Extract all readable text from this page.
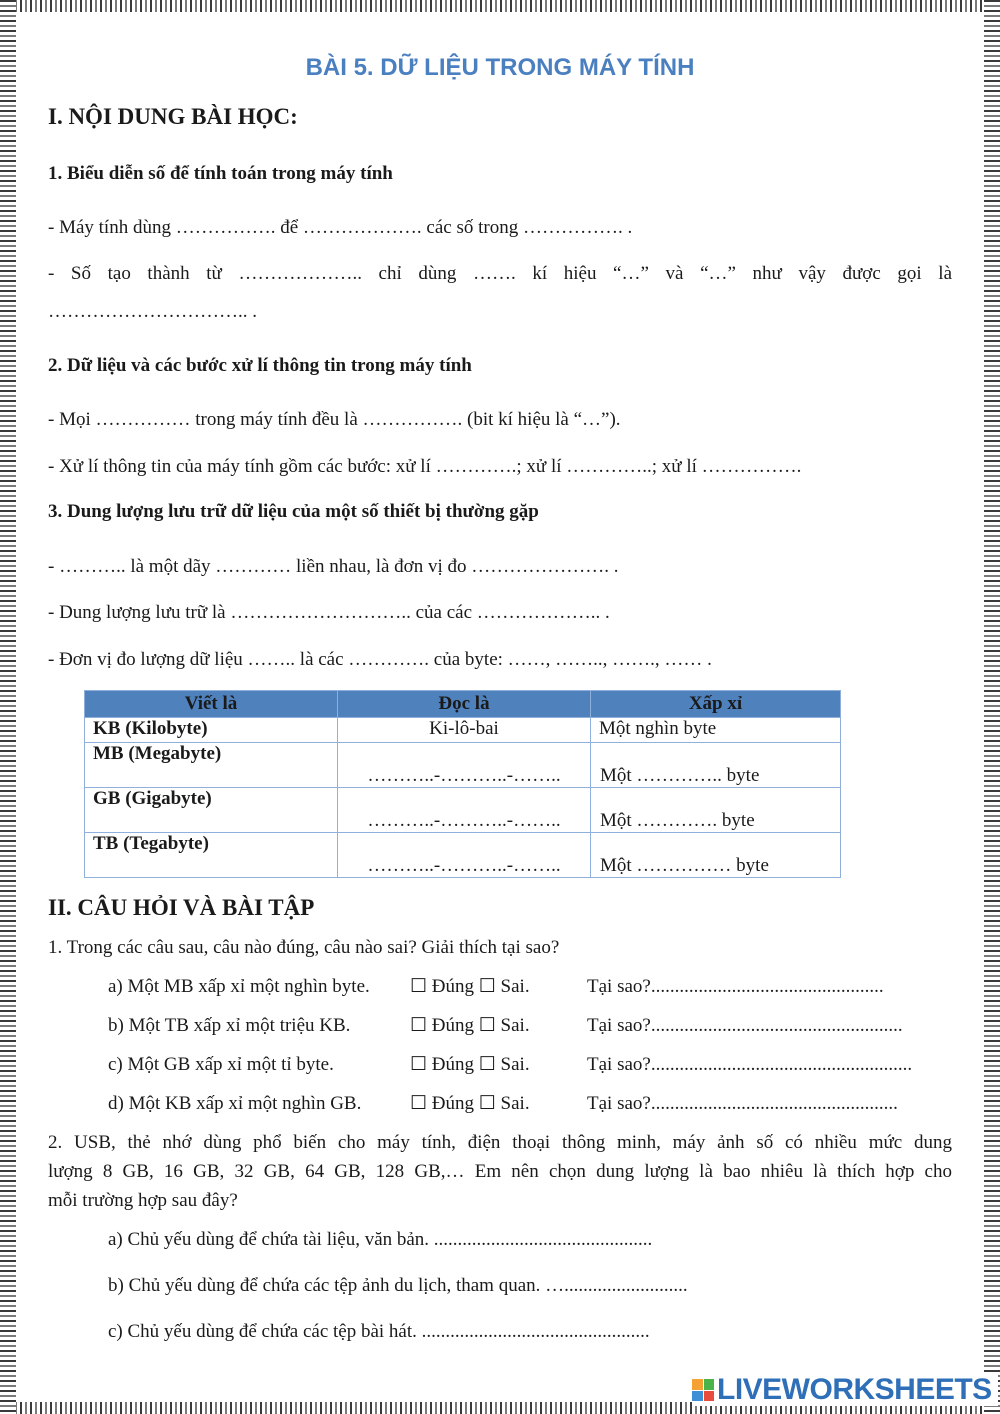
BÀI 5. DỮ LIỆU TRONG MÁY TÍNH
I. NỘI DUNG BÀI HỌC:
1. Biểu diễn số để tính toán trong máy tính
- Máy tính dùng ……………. để ………………. các số trong ……………. .
- Số tạo thành từ ……………….. chỉ dùng ……. kí hiệu “…” và “…” như vậy được gọi là
………………………….. .
2. Dữ liệu và các bước xử lí thông tin trong máy tính
- Mọi …………… trong máy tính đều là ……………. (bit kí hiệu là “…”).
- Xử lí thông tin của máy tính gồm các bước: xử lí ………….; xử lí …………..; xử lí …………….
3. Dung lượng lưu trữ dữ liệu của một số thiết bị thường gặp
- ……….. là một dãy ………… liền nhau, là đơn vị đo …………………. .
- Dung lượng lưu trữ là ……………………….. của các ……………….. .
- Đơn vị đo lượng dữ liệu …….. là các …………. của byte: ……, …….., ……., …… .
Viết là	Đọc là	Xấp xỉ
KB (Kilobyte)	Ki-lô-bai	Một nghìn byte
MB (Megabyte)	………..-………..-……..	Một ………….. byte

GB (Gigabyte)	………..-………..-……..	Một …………. byte

TB (Tegabyte)	………..-………..-……..	Một …………… byte
II. CÂU HỎI VÀ BÀI TẬP
1. Trong các câu sau, câu nào đúng, câu nào sai? Giải thích tại sao?
a) Một MB xấp xỉ một nghìn byte. ☐ Đúng ☐ Sai.	Tại sao?.................................................
b) Một TB xấp xỉ một triệu KB.	☐ Đúng ☐ Sai.	Tại sao?.....................................................
c) Một GB xấp xỉ một tỉ byte.	☐ Đúng ☐ Sai.	Tại sao?.......................................................
d) Một KB xấp xỉ một nghìn GB.	☐ Đúng ☐ Sai.	Tại sao?....................................................
2. USB, thẻ nhớ dùng phổ biến cho máy tính, điện thoại thông minh, máy ảnh số có nhiều mức dung
lượng 8 GB, 16 GB, 32 GB, 64 GB, 128 GB,… Em nên chọn dung lượng là bao nhiêu là thích hợp cho
mỗi trường hợp sau đây?
a) Chủ yếu dùng để chứa tài liệu, văn bản. ..............................................
b) Chủ yếu dùng để chứa các tệp ảnh du lịch, tham quan. …..........................
c) Chủ yếu dùng để chứa các tệp bài hát. ................................................
LIVEWORKSHEETS
